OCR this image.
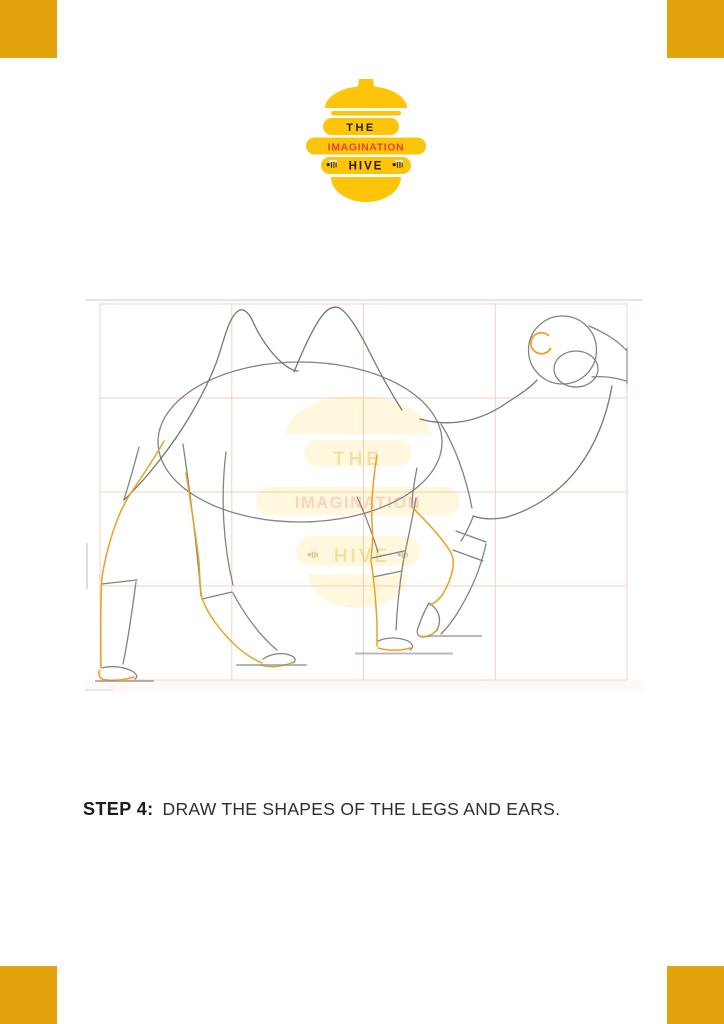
THE
IMAGINATION
HIVE
THE
IMAGINATION
HIVE
STEP 4: DRAW THE SHAPES OF THE LEGS AND EARS.
